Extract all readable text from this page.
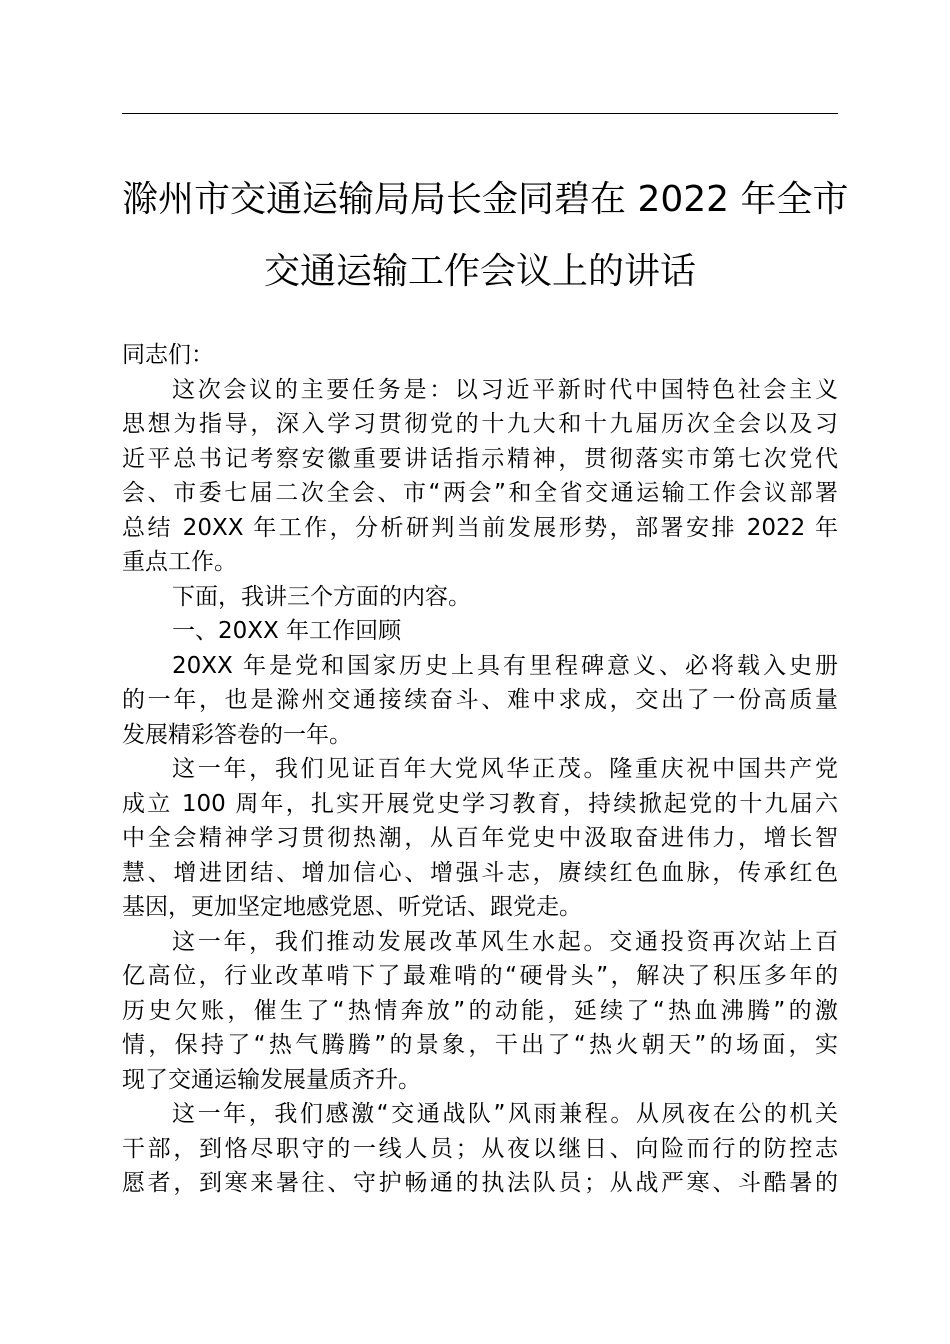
滁州市交通运输局局长金同碧在 2022 年全市
交通运输工作会议上的讲话
同志们：
这次会议的主要任务是：以习近平新时代中国特色社会主义
思想为指导，深入学习贯彻党的十九大和十九届历次全会以及习
近平总书记考察安徽重要讲话指示精神，贯彻落实市第七次党代
会、市委七届二次全会、市“两会”和全省交通运输工作会议部署
总结 20XX 年工作，分析研判当前发展形势，部署安排 2022 年
重点工作。
下面，我讲三个方面的内容。
一、20XX 年工作回顾
20XX 年是党和国家历史上具有里程碑意义、必将载入史册
的一年，也是滁州交通接续奋斗、难中求成，交出了一份高质量
发展精彩答卷的一年。
这一年，我们见证百年大党风华正茂。隆重庆祝中国共产党
成立 100 周年，扎实开展党史学习教育，持续掀起党的十九届六
中全会精神学习贯彻热潮，从百年党史中汲取奋进伟力，增长智
慧、增进团结、增加信心、增强斗志，赓续红色血脉，传承红色
基因，更加坚定地感党恩、听党话、跟党走。
这一年，我们推动发展改革风生水起。交通投资再次站上百
亿高位，行业改革啃下了最难啃的“硬骨头”，解决了积压多年的
历史欠账，催生了“热情奔放”的动能，延续了“热血沸腾”的激
情，保持了“热气腾腾”的景象，干出了“热火朝天”的场面，实
现了交通运输发展量质齐升。
这一年，我们感激“交通战队”风雨兼程。从夙夜在公的机关
干部，到恪尽职守的一线人员；从夜以继日、向险而行的防控志
愿者，到寒来暑往、守护畅通的执法队员；从战严寒、斗酷暑的
